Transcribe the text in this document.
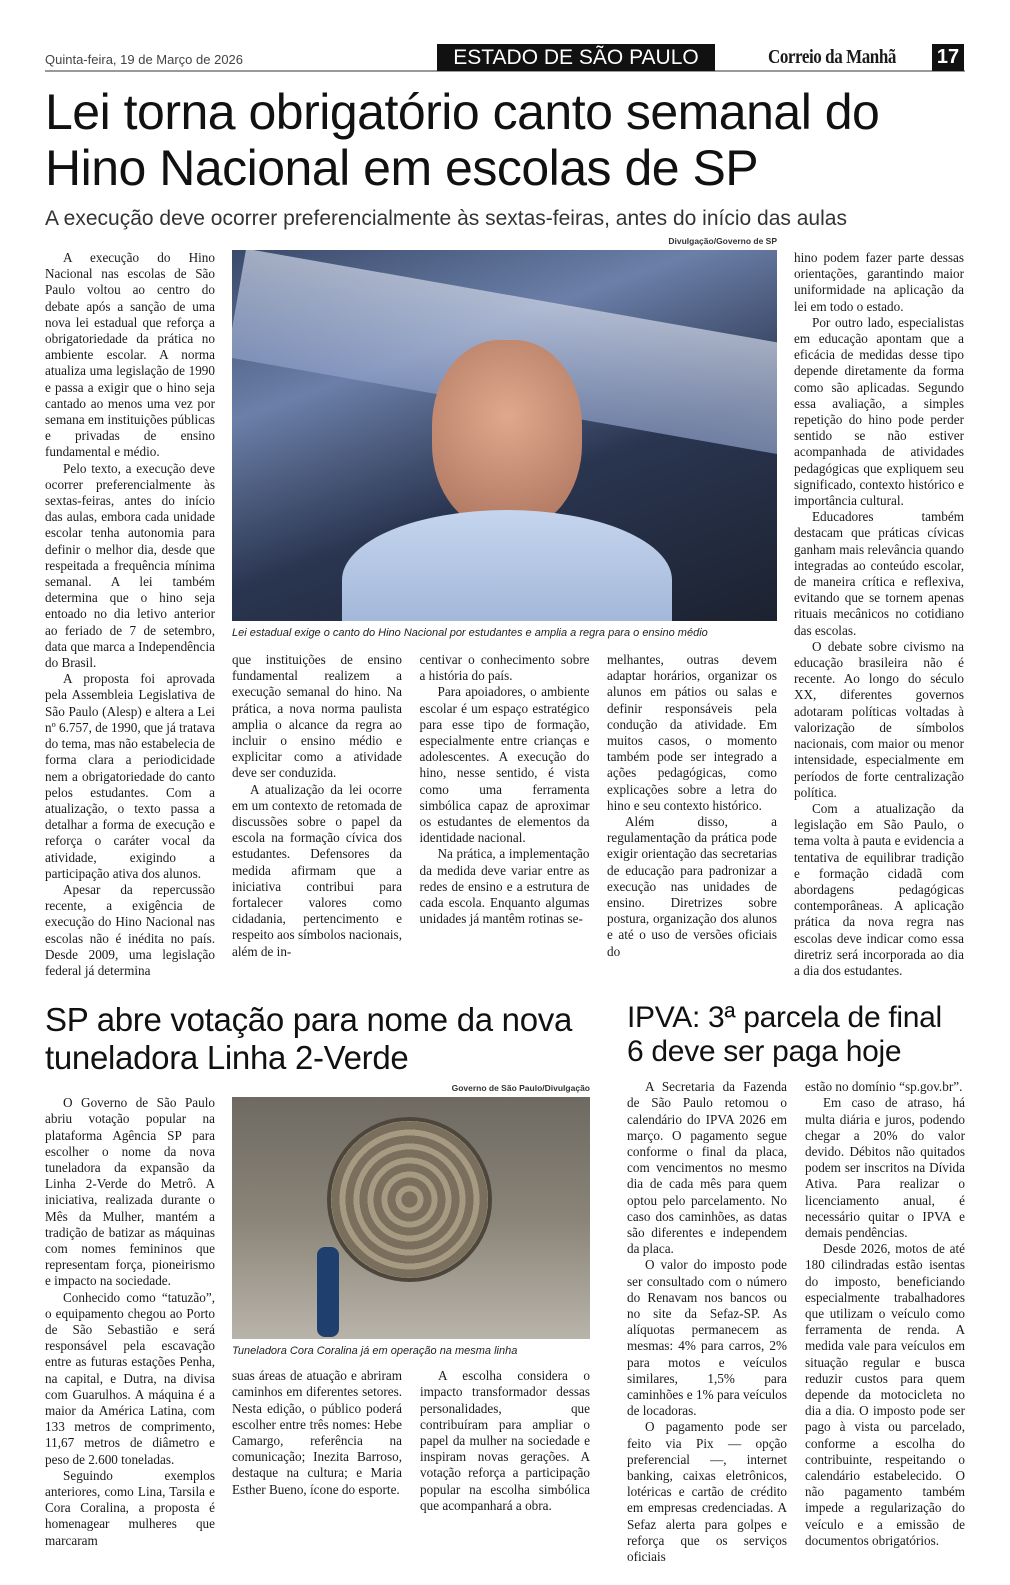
Quinta-feira, 19 de Março de 2026	ESTADO DE SÃO PAULO	Correio da Manhã 17
Lei torna obrigatório canto semanal do Hino Nacional em escolas de SP
A execução deve ocorrer preferencialmente às sextas-feiras, antes do início das aulas

A execução do Hino Nacional nas escolas de São Paulo voltou ao centro do debate após a sanção de uma nova lei estadual que reforça a obrigatoriedade da prática no ambiente escolar. A norma atualiza uma legislação de 1990 e passa a exigir que o hino seja cantado ao menos uma vez por semana em instituições públicas e privadas de ensino fundamental e médio.

Pelo texto, a execução deve ocorrer preferencialmente às sextas-feiras, antes do início das aulas, embora cada unidade escolar tenha autonomia para definir o melhor dia, desde que respeitada a frequência mínima semanal. A lei também determina que o hino seja entoado no dia letivo anterior ao feriado de 7 de setembro, data que marca a Independência do Brasil.

A proposta foi aprovada pela Assembleia Legislativa de São Paulo (Alesp) e altera a Lei nº 6.757, de 1990, que já tratava do tema, mas não estabelecia de forma clara a periodicidade nem a obrigatoriedade do canto pelos estudantes. Com a atualização, o texto passa a detalhar a forma de execução e reforça o caráter vocal da atividade, exigindo a participação ativa dos alunos.

Apesar da repercussão recente, a exigência de execução do Hino Nacional nas escolas não é inédita no país. Desde 2009, uma legislação federal já determina

Divulgação/Governo de SP
Lei estadual exige o canto do Hino Nacional por estudantes e amplia a regra para o ensino médio

que instituições de ensino fundamental realizem a execução semanal do hino. Na prática, a nova norma paulista amplia o alcance da regra ao incluir o ensino médio e explicitar como a atividade deve ser conduzida.

A atualização da lei ocorre em um contexto de retomada de discussões sobre o papel da escola na formação cívica dos estudantes. Defensores da medida afirmam que a iniciativa contribui para fortalecer valores como cidadania, pertencimento e respeito aos símbolos nacionais, além de in-

centivar o conhecimento sobre a história do país.

Para apoiadores, o ambiente escolar é um espaço estratégico para esse tipo de formação, especialmente entre crianças e adolescentes. A execução do hino, nesse sentido, é vista como uma ferramenta simbólica capaz de aproximar os estudantes de elementos da identidade nacional.

Na prática, a implementação da medida deve variar entre as redes de ensino e a estrutura de cada escola. Enquanto algumas unidades já mantêm rotinas se-

melhantes, outras devem adaptar horários, organizar os alunos em pátios ou salas e definir responsáveis pela condução da atividade. Em muitos casos, o momento também pode ser integrado a ações pedagógicas, como explicações sobre a letra do hino e seu contexto histórico.

Além disso, a regulamentação da prática pode exigir orientação das secretarias de educação para padronizar a execução nas unidades de ensino. Diretrizes sobre postura, organização dos alunos e até o uso de versões oficiais do

hino podem fazer parte dessas orientações, garantindo maior uniformidade na aplicação da lei em todo o estado.

Por outro lado, especialistas em educação apontam que a eficácia de medidas desse tipo depende diretamente da forma como são aplicadas. Segundo essa avaliação, a simples repetição do hino pode perder sentido se não estiver acompanhada de atividades pedagógicas que expliquem seu significado, contexto histórico e importância cultural.

Educadores também destacam que práticas cívicas ganham mais relevância quando integradas ao conteúdo escolar, de maneira crítica e reflexiva, evitando que se tornem apenas rituais mecânicos no cotidiano das escolas.

O debate sobre civismo na educação brasileira não é recente. Ao longo do século XX, diferentes governos adotaram políticas voltadas à valorização de símbolos nacionais, com maior ou menor intensidade, especialmente em períodos de forte centralização política.

Com a atualização da legislação em São Paulo, o tema volta à pauta e evidencia a tentativa de equilibrar tradição e formação cidadã com abordagens pedagógicas contemporâneas. A aplicação prática da nova regra nas escolas deve indicar como essa diretriz será incorporada ao dia a dia dos estudantes.

SP abre votação para nome da nova tuneladora Linha 2-Verde

O Governo de São Paulo abriu votação popular na plataforma Agência SP para escolher o nome da nova tuneladora da expansão da Linha 2-Verde do Metrô. A iniciativa, realizada durante o Mês da Mulher, mantém a tradição de batizar as máquinas com nomes femininos que representam força, pioneirismo e impacto na sociedade.

Conhecido como “tatuzão”, o equipamento chegou ao Porto de São Sebastião e será responsável pela escavação entre as futuras estações Penha, na capital, e Dutra, na divisa com Guarulhos. A máquina é a maior da América Latina, com 133 metros de comprimento, 11,67 metros de diâmetro e peso de 2.600 toneladas.

Seguindo exemplos anteriores, como Lina, Tarsila e Cora Coralina, a proposta é homenagear mulheres que marcaram

Governo de São Paulo/Divulgação
Tuneladora Cora Coralina já em operação na mesma linha

suas áreas de atuação e abriram caminhos em diferentes setores. Nesta edição, o público poderá escolher entre três nomes: Hebe Camargo, referência na comunicação; Inezita Barroso, destaque na cultura; e Maria Esther Bueno, ícone do esporte.

A escolha considera o impacto transformador dessas personalidades, que contribuíram para ampliar o papel da mulher na sociedade e inspiram novas gerações. A votação reforça a participação popular na escolha simbólica que acompanhará a obra.

IPVA: 3ª parcela de final 6 deve ser paga hoje

A Secretaria da Fazenda de São Paulo retomou o calendário do IPVA 2026 em março. O pagamento segue conforme o final da placa, com vencimentos no mesmo dia de cada mês para quem optou pelo parcelamento. No caso dos caminhões, as datas são diferentes e independem da placa.

O valor do imposto pode ser consultado com o número do Renavam nos bancos ou no site da Sefaz-SP. As alíquotas permanecem as mesmas: 4% para carros, 2% para motos e veículos similares, 1,5% para caminhões e 1% para veículos de locadoras.

O pagamento pode ser feito via Pix — opção preferencial —, internet banking, caixas eletrônicos, lotéricas e cartão de crédito em empresas credenciadas. A Sefaz alerta para golpes e reforça que os serviços oficiais

estão no domínio “sp.gov.br”.

Em caso de atraso, há multa diária e juros, podendo chegar a 20% do valor devido. Débitos não quitados podem ser inscritos na Dívida Ativa. Para realizar o licenciamento anual, é necessário quitar o IPVA e demais pendências.

Desde 2026, motos de até 180 cilindradas estão isentas do imposto, beneficiando especialmente trabalhadores que utilizam o veículo como ferramenta de renda. A medida vale para veículos em situação regular e busca reduzir custos para quem depende da motocicleta no dia a dia. O imposto pode ser pago à vista ou parcelado, conforme a escolha do contribuinte, respeitando o calendário estabelecido. O não pagamento também impede a regularização do veículo e a emissão de documentos obrigatórios.
